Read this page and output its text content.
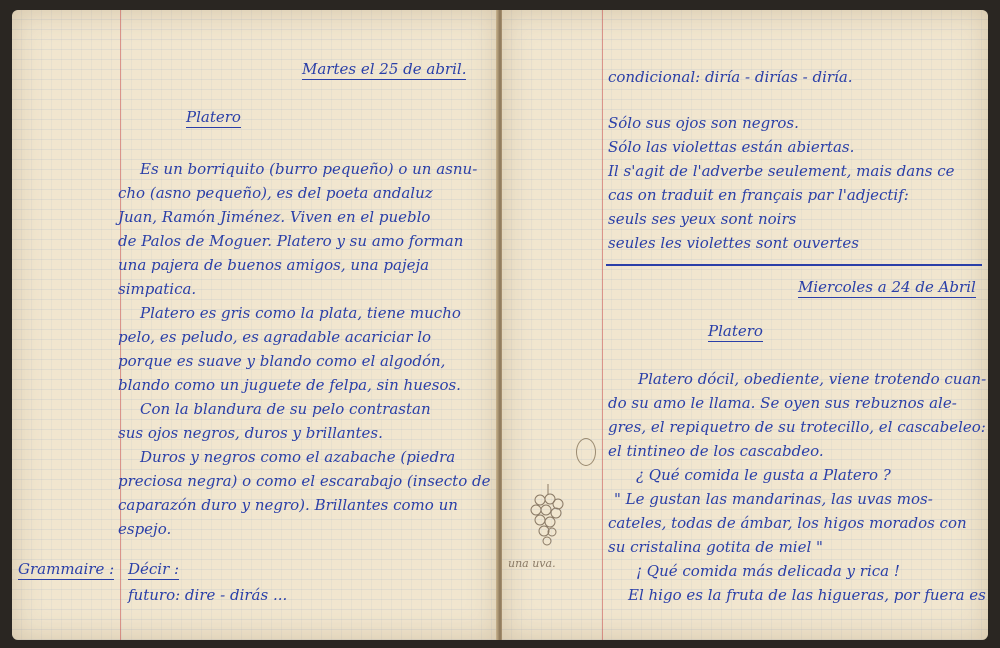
Martes el 25 de abril.
Platero
Es un borriquito (burro pequeño) o un asnu-
cho (asno pequeño), es del poeta andaluz
Juan, Ramón Jiménez. Viven en el pueblo
de Palos de Moguer. Platero y su amo forman
una pajera de buenos amigos, una pajeja
simpatica.
Platero es gris como la plata, tiene mucho
pelo, es peludo, es agradable acariciar lo
porque es suave y blando como el algodón,
blando como un juguete de felpa, sin huesos.
Con la blandura de su pelo contrastan
sus ojos negros, duros y brillantes.
Duros y negros como el azabache (piedra
preciosa negra) o como el escarabajo (insecto de
caparazón duro y negro). Brillantes como un
espejo.
Grammaire : Décir :
futuro: dire - dirás ...
condicional: diría - dirías - diría.
Sólo sus ojos son negros.
Sólo las violettas están abiertas.
Il s'agit de l'adverbe seulement, mais dans ce
cas on traduit en français par l'adjectif:
seuls ses yeux sont noirs
seules les violettes sont ouvertes
Miercoles a 24 de Abril
Platero
Platero dócil, obediente, viene trotendo cuan-
do su amo le llama. Se oyen sus rebuznos ale-
gres, el repiquetro de su trotecillo, el cascabeleo:
el tintineo de los cascabdeo.
¿ Qué comida le gusta a Platero ?
" Le gustan las mandarinas, las uvas mos-
cateles, todas de ámbar, los higos morados con
su cristalina gotita de miel "
¡ Qué comida más delicada y rica !
El higo es la fruta de las higueras, por fuera es
una uva.
